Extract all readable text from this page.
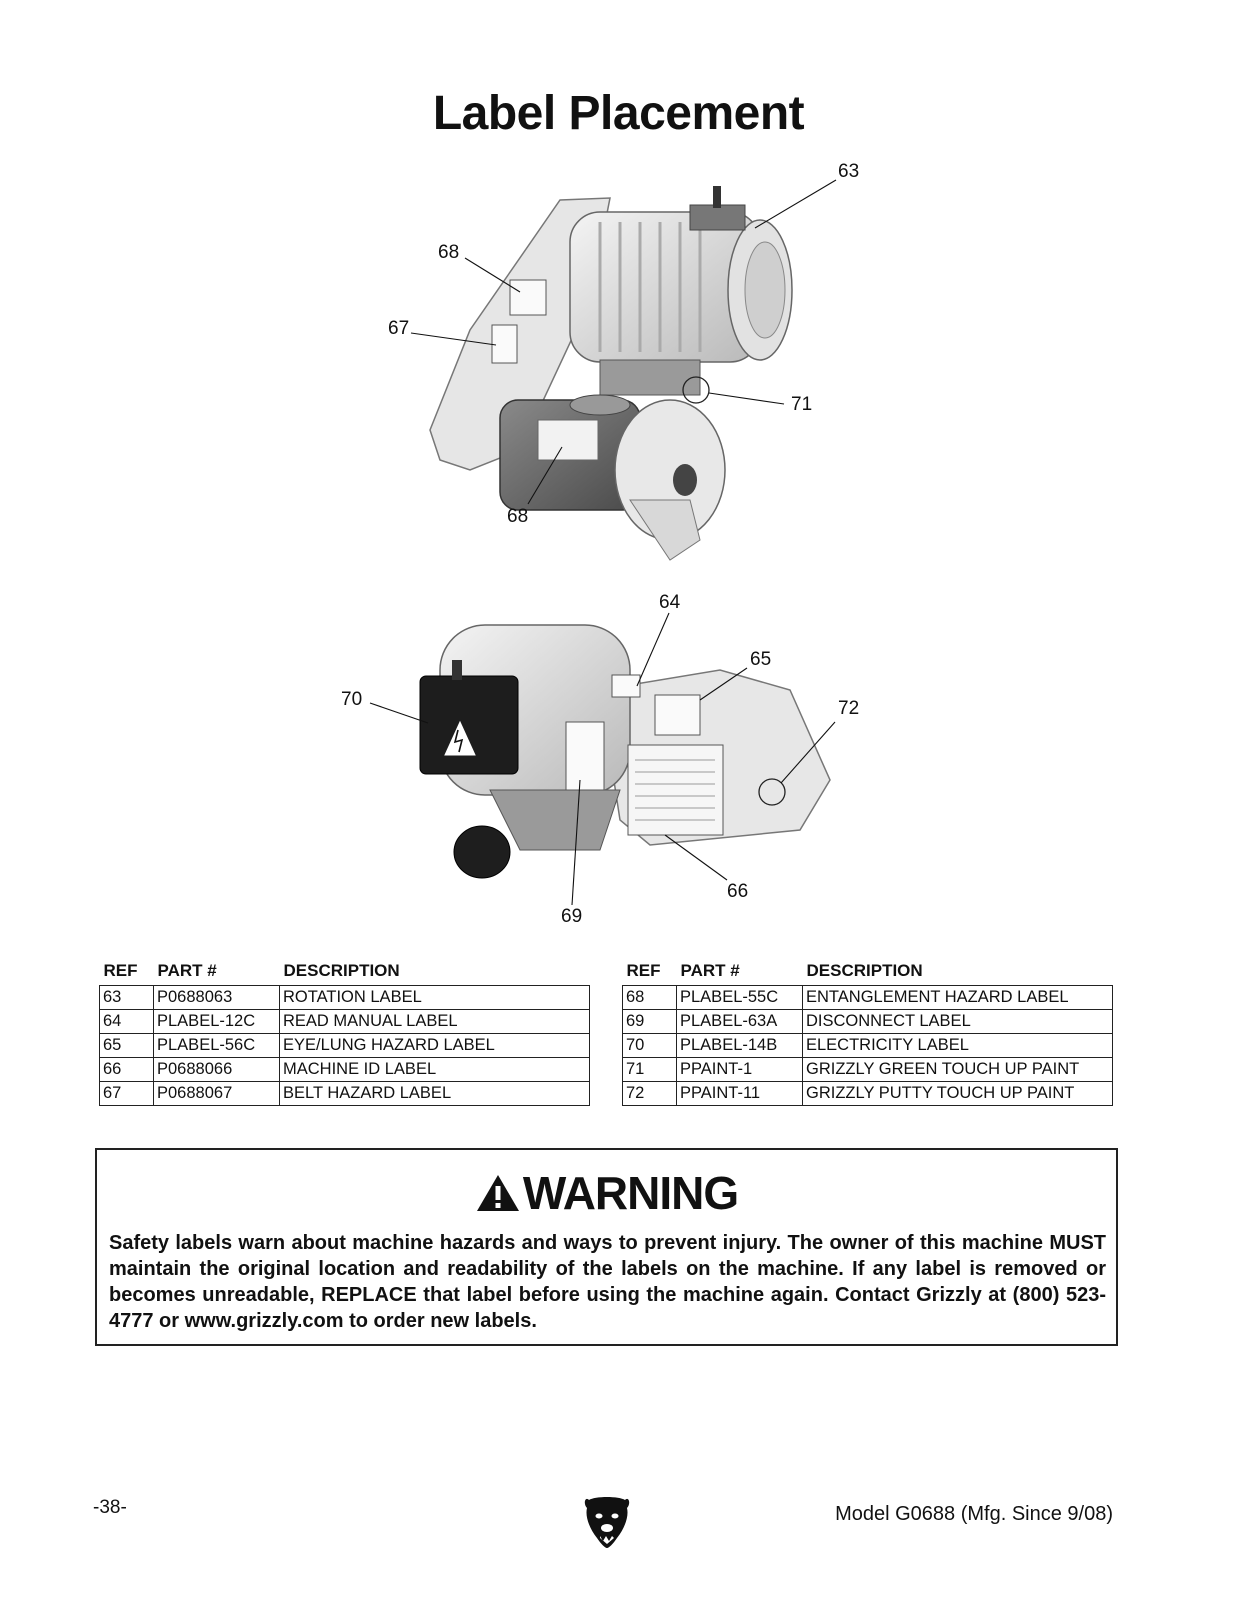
Label Placement
63
68
67
71
68
64
65
72
70
66
69
REF	PART #	DESCRIPTION
63	P0688063	ROTATION LABEL
64	PLABEL-12C	READ MANUAL LABEL
65	PLABEL-56C	EYE/LUNG HAZARD LABEL
66	P0688066	MACHINE ID LABEL
67	P0688067	BELT HAZARD LABEL
REF	PART #	DESCRIPTION
68	PLABEL-55C	ENTANGLEMENT HAZARD LABEL
69	PLABEL-63A	DISCONNECT LABEL
70	PLABEL-14B	ELECTRICITY LABEL
71	PPAINT-1	GRIZZLY GREEN TOUCH UP PAINT
72	PPAINT-11	GRIZZLY PUTTY TOUCH UP PAINT
WARNING
Safety labels warn about machine hazards and ways to prevent injury. The owner of this machine MUST maintain the original location and readability of the labels on the machine. If any label is removed or becomes unreadable, REPLACE that label before using the machine again. Contact Grizzly at (800) 523-4777 or www.grizzly.com to order new labels.
-38-	Model G0688 (Mfg. Since 9/08)
